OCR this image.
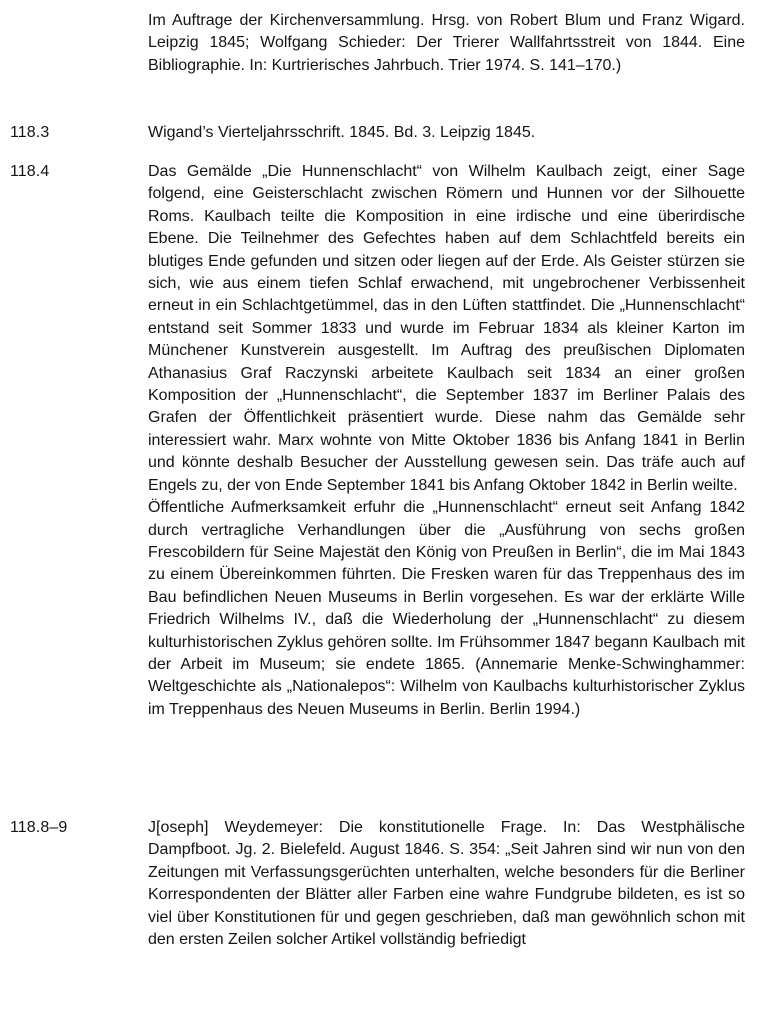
Im Auftrage der Kirchenversammlung. Hrsg. von Robert Blum und Franz Wigard. Leipzig 1845; Wolfgang Schieder: Der Trierer Wallfahrtsstreit von 1844. Eine Bibliographie. In: Kurtrierisches Jahrbuch. Trier 1974. S. 141–170.)

118.3	Wigand’s Vierteljahrsschrift. 1845. Bd. 3. Leipzig 1845.

118.4	Das Gemälde „Die Hunnenschlacht“ von Wilhelm Kaulbach zeigt, einer Sage folgend, eine Geisterschlacht zwischen Römern und Hunnen vor der Silhouette Roms. Kaulbach teilte die Komposition in eine irdische und eine überirdische Ebene. Die Teilnehmer des Gefechtes haben auf dem Schlachtfeld bereits ein blutiges Ende gefunden und sitzen oder liegen auf der Erde. Als Geister stürzen sie sich, wie aus einem tiefen Schlaf erwachend, mit ungebrochener Verbissenheit erneut in ein Schlachtgetümmel, das in den Lüften stattfindet. Die „Hunnenschlacht“ entstand seit Sommer 1833 und wurde im Februar 1834 als kleiner Karton im Münchener Kunstverein ausgestellt. Im Auftrag des preußischen Diplomaten Athanasius Graf Raczynski arbeitete Kaulbach seit 1834 an einer großen Komposition der „Hunnenschlacht“, die September 1837 im Berliner Palais des Grafen der Öffentlichkeit präsentiert wurde. Diese nahm das Gemälde sehr interessiert wahr. Marx wohnte von Mitte Oktober 1836 bis Anfang 1841 in Berlin und könnte deshalb Besucher der Ausstellung gewesen sein. Das träfe auch auf Engels zu, der von Ende September 1841 bis Anfang Oktober 1842 in Berlin weilte.

Öffentliche Aufmerksamkeit erfuhr die „Hunnenschlacht“ erneut seit Anfang 1842 durch vertragliche Verhandlungen über die „Ausführung von sechs großen Frescobildern für Seine Majestät den König von Preußen in Berlin“, die im Mai 1843 zu einem Übereinkommen führten. Die Fresken waren für das Treppenhaus des im Bau befindlichen Neuen Museums in Berlin vorgesehen. Es war der erklärte Wille Friedrich Wilhelms IV., daß die Wiederholung der „Hunnenschlacht“ zu diesem kulturhistorischen Zyklus gehören sollte. Im Frühsommer 1847 begann Kaulbach mit der Arbeit im Museum; sie endete 1865. (Annemarie Menke-Schwinghammer: Weltgeschichte als „Nationalepos“: Wilhelm von Kaulbachs kulturhistorischer Zyklus im Treppenhaus des Neuen Museums in Berlin. Berlin 1994.)

118.8–9	J[oseph] Weydemeyer: Die konstitutionelle Frage. In: Das Westphälische Dampfboot. Jg. 2. Bielefeld. August 1846. S. 354: „Seit Jahren sind wir nun von den Zeitungen mit Verfassungsgerüchten unterhalten, welche besonders für die Berliner Korrespondenten der Blätter aller Farben eine wahre Fundgrube bildeten, es ist so viel über Konstitutionen für und gegen geschrieben, daß man gewöhnlich schon mit den ersten Zeilen solcher Artikel vollständig befriedigt
